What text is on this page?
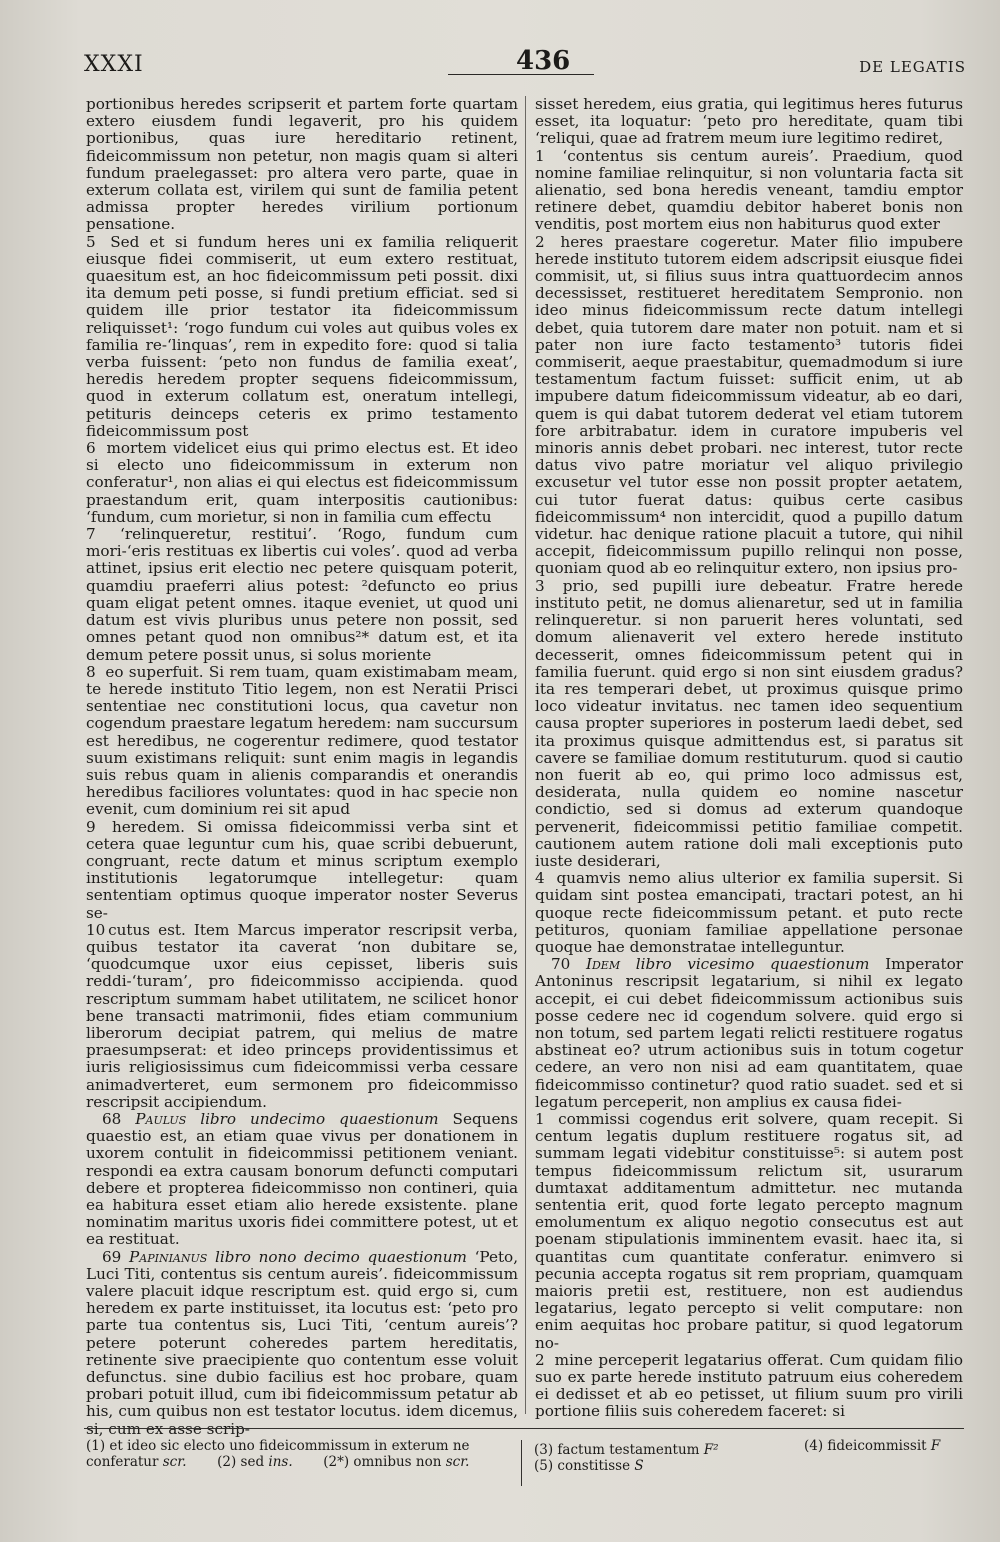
XXXI	436	DE LEGATIS

portionibus heredes scripserit et partem forte quartam extero eiusdem fundi legaverit, pro his quidem portionibus, quas iure hereditario retinent, fideicommissum non petetur, non magis quam si alteri fundum praelegasset: pro altera vero parte, quae in exterum collata est, virilem qui sunt de familia petent admissa propter heredes virilium portionum pensatione.

5 Sed et si fundum heres uni ex familia reliquerit eiusque fidei commiserit, ut eum extero restituat, quaesitum est, an hoc fideicommissum peti possit. dixi ita demum peti posse, si fundi pretium efficiat. sed si quidem ille prior testator ita fideicommissum reliquisset¹: ‘rogo fundum cui voles aut quibus voles ex familia re-‘linquas’, rem in expedito fore: quod si talia verba fuissent: ‘peto non fundus de familia exeat’, heredis heredem propter sequens fideicommissum, quod in exterum collatum est, oneratum intellegi, petituris deinceps ceteris ex primo testamento fideicommissum post

6 mortem videlicet eius qui primo electus est. Et ideo si electo uno fideicommissum in exterum non conferatur¹, non alias ei qui electus est fideicommissum praestandum erit, quam interpositis cautionibus: ‘fundum, cum morietur, si non in familia cum effectu

7 ‘relinqueretur, restitui’. ‘Rogo, fundum cum mori-‘eris restituas ex libertis cui voles’. quod ad verba attinet, ipsius erit electio nec petere quisquam poterit, quamdiu praeferri alius potest: ²defuncto eo prius quam eligat petent omnes. itaque eveniet, ut quod uni datum est vivis pluribus unus petere non possit, sed omnes petant quod non omnibus²* datum est, et ita demum petere possit unus, si solus moriente

8 eo superfuit. Si rem tuam, quam existimabam meam, te herede instituto Titio legem, non est Neratii Prisci sententiae nec constitutioni locus, qua cavetur non cogendum praestare legatum heredem: nam succursum est heredibus, ne cogerentur redimere, quod testator suum existimans reliquit: sunt enim magis in legandis suis rebus quam in alienis comparandis et onerandis heredibus faciliores voluntates: quod in hac specie non evenit, cum dominium rei sit apud

9 heredem. Si omissa fideicommissi verba sint et cetera quae leguntur cum his, quae scribi debuerunt, congruant, recte datum et minus scriptum exemplo institutionis legatorumque intellegetur: quam sententiam optimus quoque imperator noster Severus se-

10 cutus est. Item Marcus imperator rescripsit verba, quibus testator ita caverat ‘non dubitare se, ‘quodcumque uxor eius cepisset, liberis suis reddi-‘turam’, pro fideicommisso accipienda. quod rescriptum summam habet utilitatem, ne scilicet honor bene transacti matrimonii, fides etiam communium liberorum decipiat patrem, qui melius de matre praesumpserat: et ideo princeps providentissimus et iuris religiosissimus cum fideicommissi verba cessare animadverteret, eum sermonem pro fideicommisso rescripsit accipiendum.

68 Paulus libro undecimo quaestionum Sequens quaestio est, an etiam quae vivus per donationem in uxorem contulit in fideicommissi petitionem veniant. respondi ea extra causam bonorum defuncti computari debere et propterea fideicommisso non contineri, quia ea habitura esset etiam alio herede exsistente. plane nominatim maritus uxoris fidei committere potest, ut et ea restituat.

69 Papinianus libro nono decimo quaestionum ‘Peto, Luci Titi, contentus sis centum aureis’. fideicommissum valere placuit idque rescriptum est. quid ergo si, cum heredem ex parte instituisset, ita locutus est: ‘peto pro parte tua contentus sis, Luci Titi, ‘centum aureis’? petere poterunt coheredes partem hereditatis, retinente sive praecipiente quo contentum esse voluit defunctus. sine dubio facilius est hoc probare, quam probari potuit illud, cum ibi fideicommissum petatur ab his, cum quibus non est testator locutus. idem dicemus, si, cum ex asse scrip-

sisset heredem, eius gratia, qui legitimus heres futurus esset, ita loquatur: ‘peto pro hereditate, quam tibi ‘reliqui, quae ad fratrem meum iure legitimo rediret,

1 ‘contentus sis centum aureis’. Praedium, quod nomine familiae relinquitur, si non voluntaria facta sit alienatio, sed bona heredis veneant, tamdiu emptor retinere debet, quamdiu debitor haberet bonis non venditis, post mortem eius non habiturus quod exter

2 heres praestare cogeretur. Mater filio impubere herede instituto tutorem eidem adscripsit eiusque fidei commisit, ut, si filius suus intra quattuordecim annos decessisset, restitueret hereditatem Sempronio. non ideo minus fideicommissum recte datum intellegi debet, quia tutorem dare mater non potuit. nam et si pater non iure facto testamento³ tutoris fidei commiserit, aeque praestabitur, quemadmodum si iure testamentum factum fuisset: sufficit enim, ut ab impubere datum fideicommissum videatur, ab eo dari, quem is qui dabat tutorem dederat vel etiam tutorem fore arbitrabatur. idem in curatore impuberis vel minoris annis debet probari. nec interest, tutor recte datus vivo patre moriatur vel aliquo privilegio excusetur vel tutor esse non possit propter aetatem, cui tutor fuerat datus: quibus certe casibus fideicommissum⁴ non intercidit, quod a pupillo datum videtur. hac denique ratione placuit a tutore, qui nihil accepit, fideicommissum pupillo relinqui non posse, quoniam quod ab eo relinquitur extero, non ipsius pro-

3 prio, sed pupilli iure debeatur. Fratre herede instituto petit, ne domus alienaretur, sed ut in familia relinqueretur. si non paruerit heres voluntati, sed domum alienaverit vel extero herede instituto decesserit, omnes fideicommissum petent qui in familia fuerunt. quid ergo si non sint eiusdem gradus? ita res temperari debet, ut proximus quisque primo loco videatur invitatus. nec tamen ideo sequentium causa propter superiores in posterum laedi debet, sed ita proximus quisque admittendus est, si paratus sit cavere se familiae domum restituturum. quod si cautio non fuerit ab eo, qui primo loco admissus est, desiderata, nulla quidem eo nomine nascetur condictio, sed si domus ad exterum quandoque pervenerit, fideicommissi petitio familiae competit. cautionem autem ratione doli mali exceptionis puto iuste desiderari,

4 quamvis nemo alius ulterior ex familia supersit. Si quidam sint postea emancipati, tractari potest, an hi quoque recte fideicommissum petant. et puto recte petituros, quoniam familiae appellatione personae quoque hae demonstratae intelleguntur.

70 Idem libro vicesimo quaestionum Imperator Antoninus rescripsit legatarium, si nihil ex legato accepit, ei cui debet fideicommissum actionibus suis posse cedere nec id cogendum solvere. quid ergo si non totum, sed partem legati relicti restituere rogatus abstineat eo? utrum actionibus suis in totum cogetur cedere, an vero non nisi ad eam quantitatem, quae fideicommisso continetur? quod ratio suadet. sed et si legatum perceperit, non amplius ex causa fidei-

1 commissi cogendus erit solvere, quam recepit. Si centum legatis duplum restituere rogatus sit, ad summam legati videbitur constituisse⁵: si autem post tempus fideicommissum relictum sit, usurarum dumtaxat additamentum admittetur. nec mutanda sententia erit, quod forte legato percepto magnum emolumentum ex aliquo negotio consecutus est aut poenam stipulationis imminentem evasit. haec ita, si quantitas cum quantitate conferatur. enimvero si pecunia accepta rogatus sit rem propriam, quamquam maioris pretii est, restituere, non est audiendus legatarius, legato percepto si velit computare: non enim aequitas hoc probare patitur, si quod legatorum no-

2 mine perceperit legatarius offerat. Cum quidam filio suo ex parte herede instituto patruum eius coheredem ei dedisset et ab eo petisset, ut filium suum pro virili portione filiis suis coheredem faceret: si

(1) et ideo sic electo uno fideicommissum in exterum ne
conferatur scr. (2) sed ins. (2*) omnibus non scr.
(3) factum testamentum F²
(5) constitisse S
(4) fideicommissit F
